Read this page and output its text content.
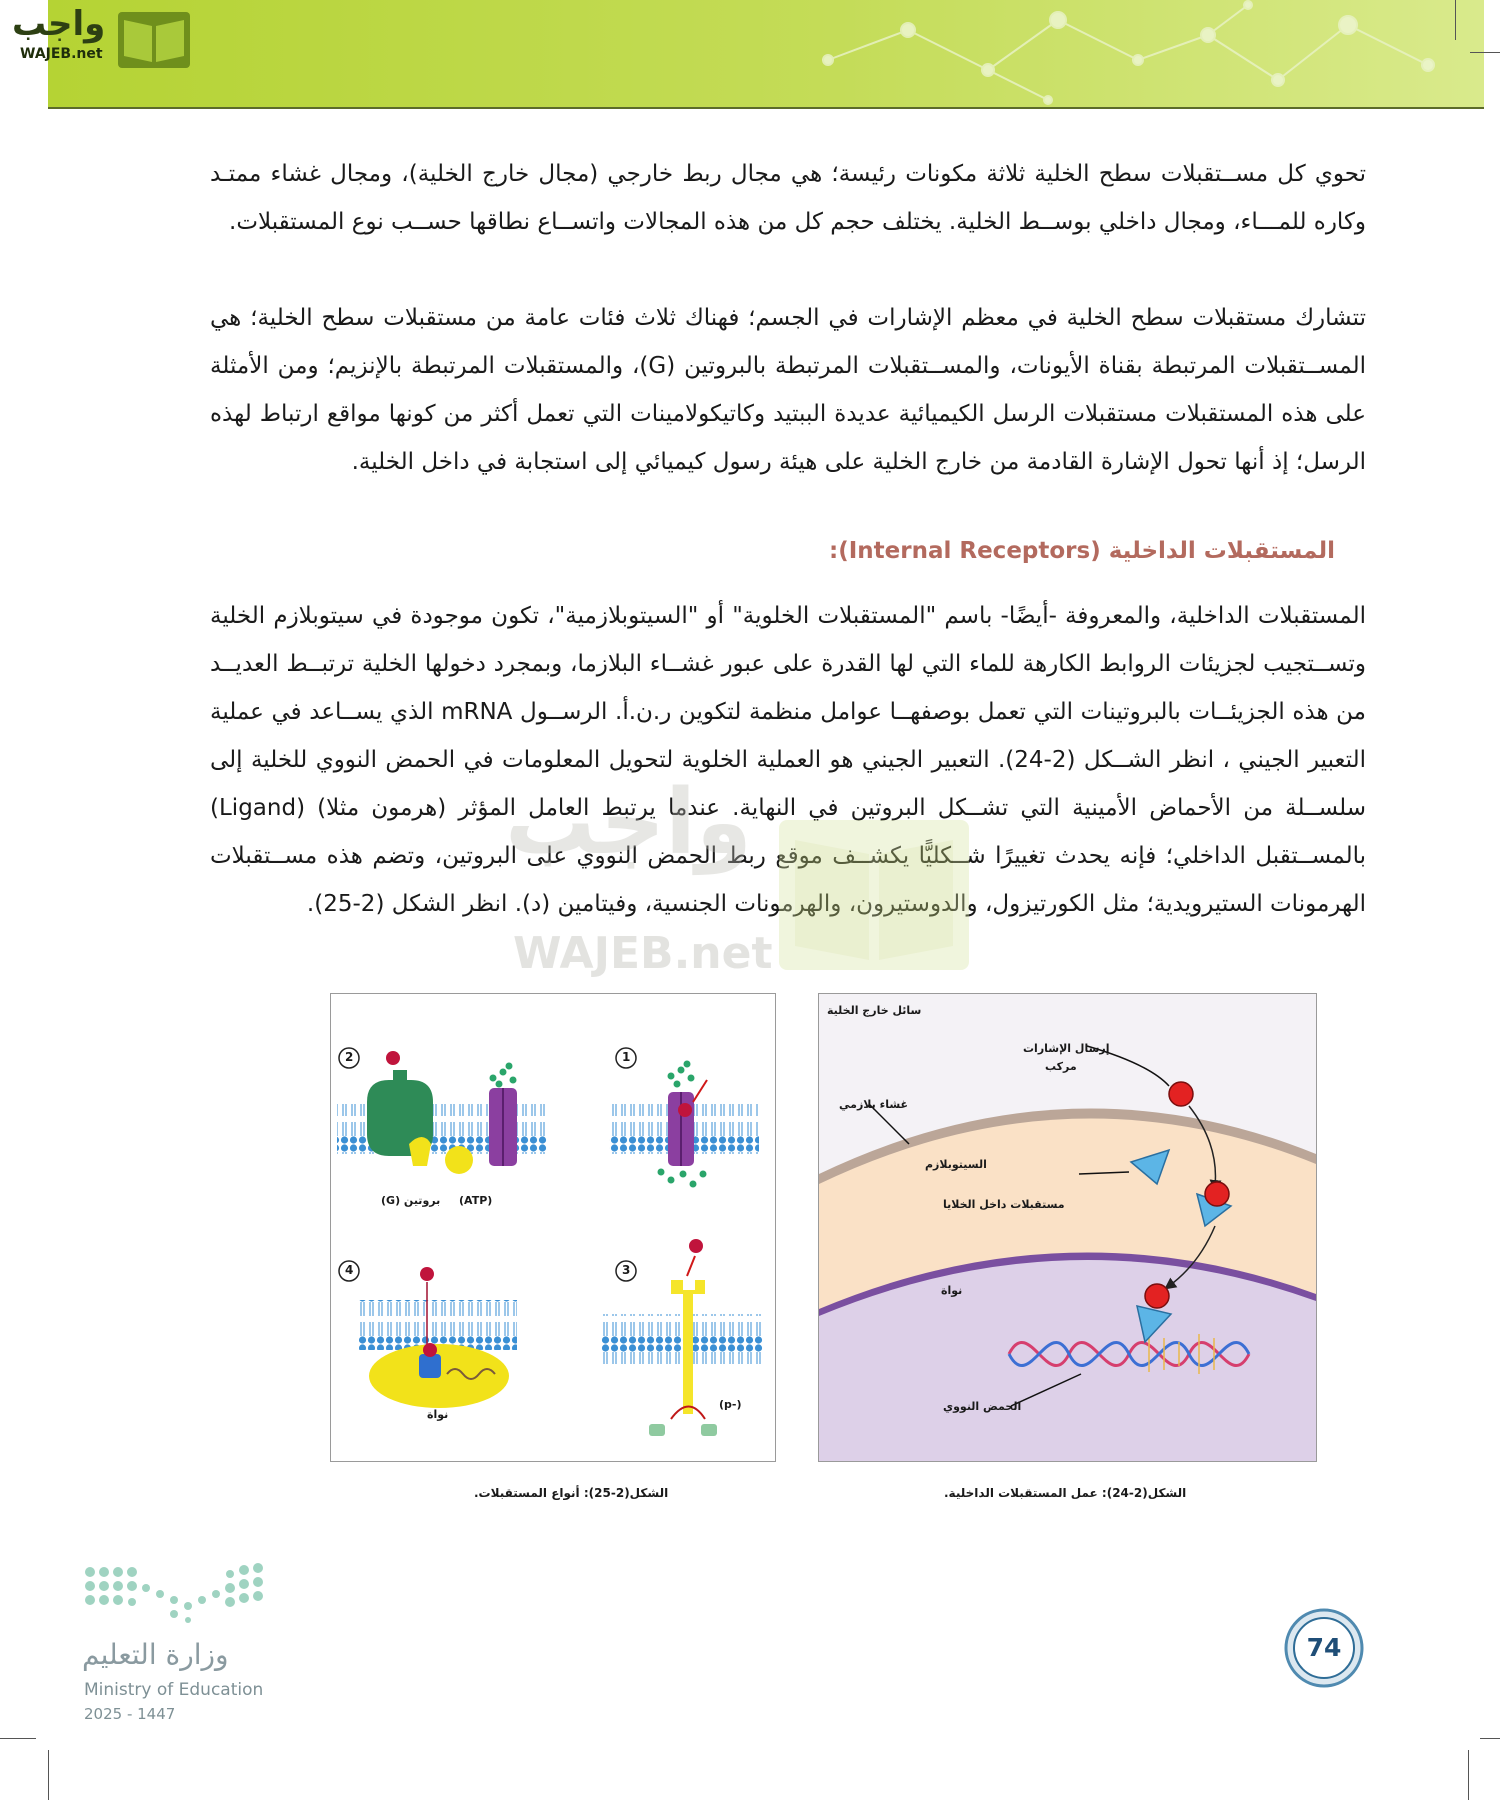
واجب
WAJEB.net

تحوي كل مســتقبلات سطح الخلية ثلاثة مكونات رئيسة؛ هي مجال ربط خارجي (مجال خارج الخلية)، ومجال غشاء ممتـد وكاره للمـــاء، ومجال داخلي بوســط الخلية. يختلف حجم كل من هذه المجالات واتســاع نطاقها حســب نوع المستقبلات.

تتشارك مستقبلات سطح الخلية في معظم الإشارات في الجسم؛ فهناك ثلاث فئات عامة من مستقبلات سطح الخلية؛ هي المســتقبلات المرتبطة بقناة الأيونات، والمســتقبلات المرتبطة بالبروتين (G)، والمستقبلات المرتبطة بالإنزيم؛ ومن الأمثلة على هذه المستقبلات مستقبلات الرسل الكيميائية عديدة الببتيد وكاتيكولامينات التي تعمل أكثر من كونها مواقع ارتباط لهذه الرسل؛ إذ أنها تحول الإشارة القادمة من خارج الخلية على هيئة رسول كيميائي إلى استجابة في داخل الخلية.

المستقبلات الداخلية (Internal Receptors):

المستقبلات الداخلية، والمعروفة -أيضًا- باسم "المستقبلات الخلوية" أو "السيتوبلازمية"، تكون موجودة في سيتوبلازم الخلية وتســتجيب لجزيئات الروابط الكارهة للماء التي لها القدرة على عبور غشــاء البلازما، وبمجرد دخولها الخلية ترتبــط العديــد من هذه الجزيئــات بالبروتينات التي تعمل بوصفهــا عوامل منظمة لتكوين ر.ن.أ. الرســول mRNA الذي يســاعد في عملية التعبير الجيني ، انظر الشــكل (2-24). التعبير الجيني هو العملية الخلوية لتحويل المعلومات في الحمض النووي للخلية إلى سلســلة من الأحماض الأمينية التي تشــكل البروتين في النهاية. عندما يرتبط العامل المؤثر (هرمون مثلا) (Ligand) بالمســتقبل الداخلي؛ فإنه يحدث تغييرًا شــكليًّا يكشــف موقع ربط الحمض النووي على البروتين، وتضم هذه مســتقبلات الهرمونات الستيرويدية؛ مثل الكورتيزول، والدوستيرون، والهرمونات الجنسية، وفيتامين (د). انظر الشكل (2-25).

واجب
WAJEB.net
2	1
4	3
بروتين (G) (ATP)
(-p)
نواة
الشكل(2-25): أنواع المستقبلات.
سائل خارج الخلية
إرسال الإشارات
مركب
غشاء بلازمي
السيتوبلازم
مستقبلات داخل الخلايا
نواة
الحمض النووي
الشكل(2-24): عمل المستقبلات الداخلية.
وزارة التعليم
Ministry of Education
2025 - 1447
74
